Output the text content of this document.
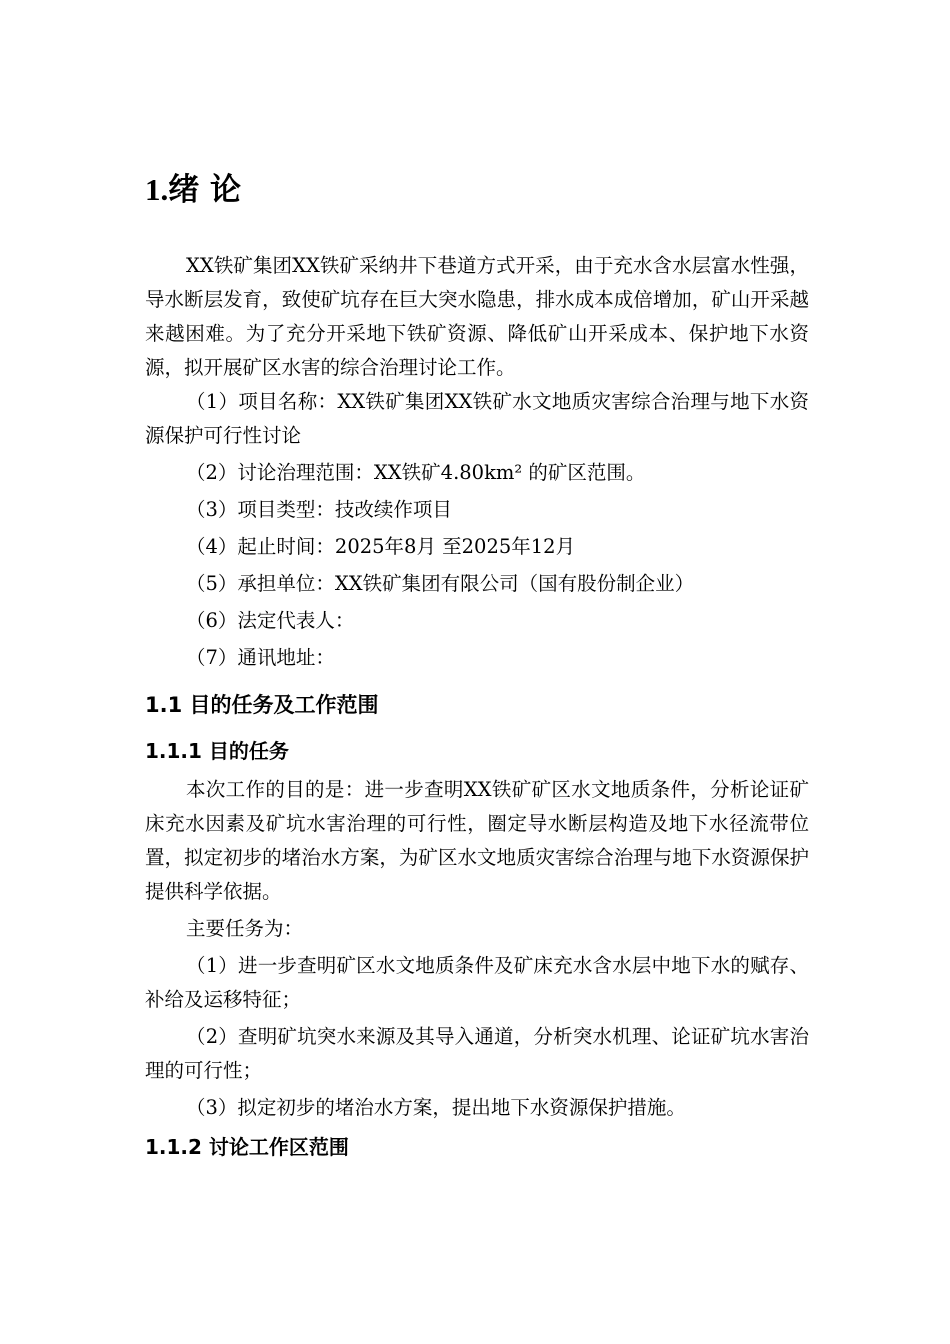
1.绪 论

XX铁矿集团XX铁矿采纳井下巷道方式开采，由于充水含水层富水性强，导水断层发育，致使矿坑存在巨大突水隐患，排水成本成倍增加，矿山开采越来越困难。为了充分开采地下铁矿资源、降低矿山开采成本、保护地下水资源，拟开展矿区水害的综合治理讨论工作。

（1）项目名称：XX铁矿集团XX铁矿水文地质灾害综合治理与地下水资源保护可行性讨论

（2）讨论治理范围：XX铁矿4.80km² 的矿区范围。

（3）项目类型：技改续作项目

（4）起止时间：2025年8月 至2025年12月

（5）承担单位：XX铁矿集团有限公司（国有股份制企业）

（6）法定代表人：

（7）通讯地址：

1.1 目的任务及工作范围

1.1.1 目的任务

本次工作的目的是：进一步查明XX铁矿矿区水文地质条件，分析论证矿床充水因素及矿坑水害治理的可行性，圈定导水断层构造及地下水径流带位置，拟定初步的堵治水方案，为矿区水文地质灾害综合治理与地下水资源保护提供科学依据。

主要任务为：

（1）进一步查明矿区水文地质条件及矿床充水含水层中地下水的赋存、补给及运移特征；

（2）查明矿坑突水来源及其导入通道，分析突水机理、论证矿坑水害治理的可行性；

（3）拟定初步的堵治水方案，提出地下水资源保护措施。

1.1.2 讨论工作区范围
